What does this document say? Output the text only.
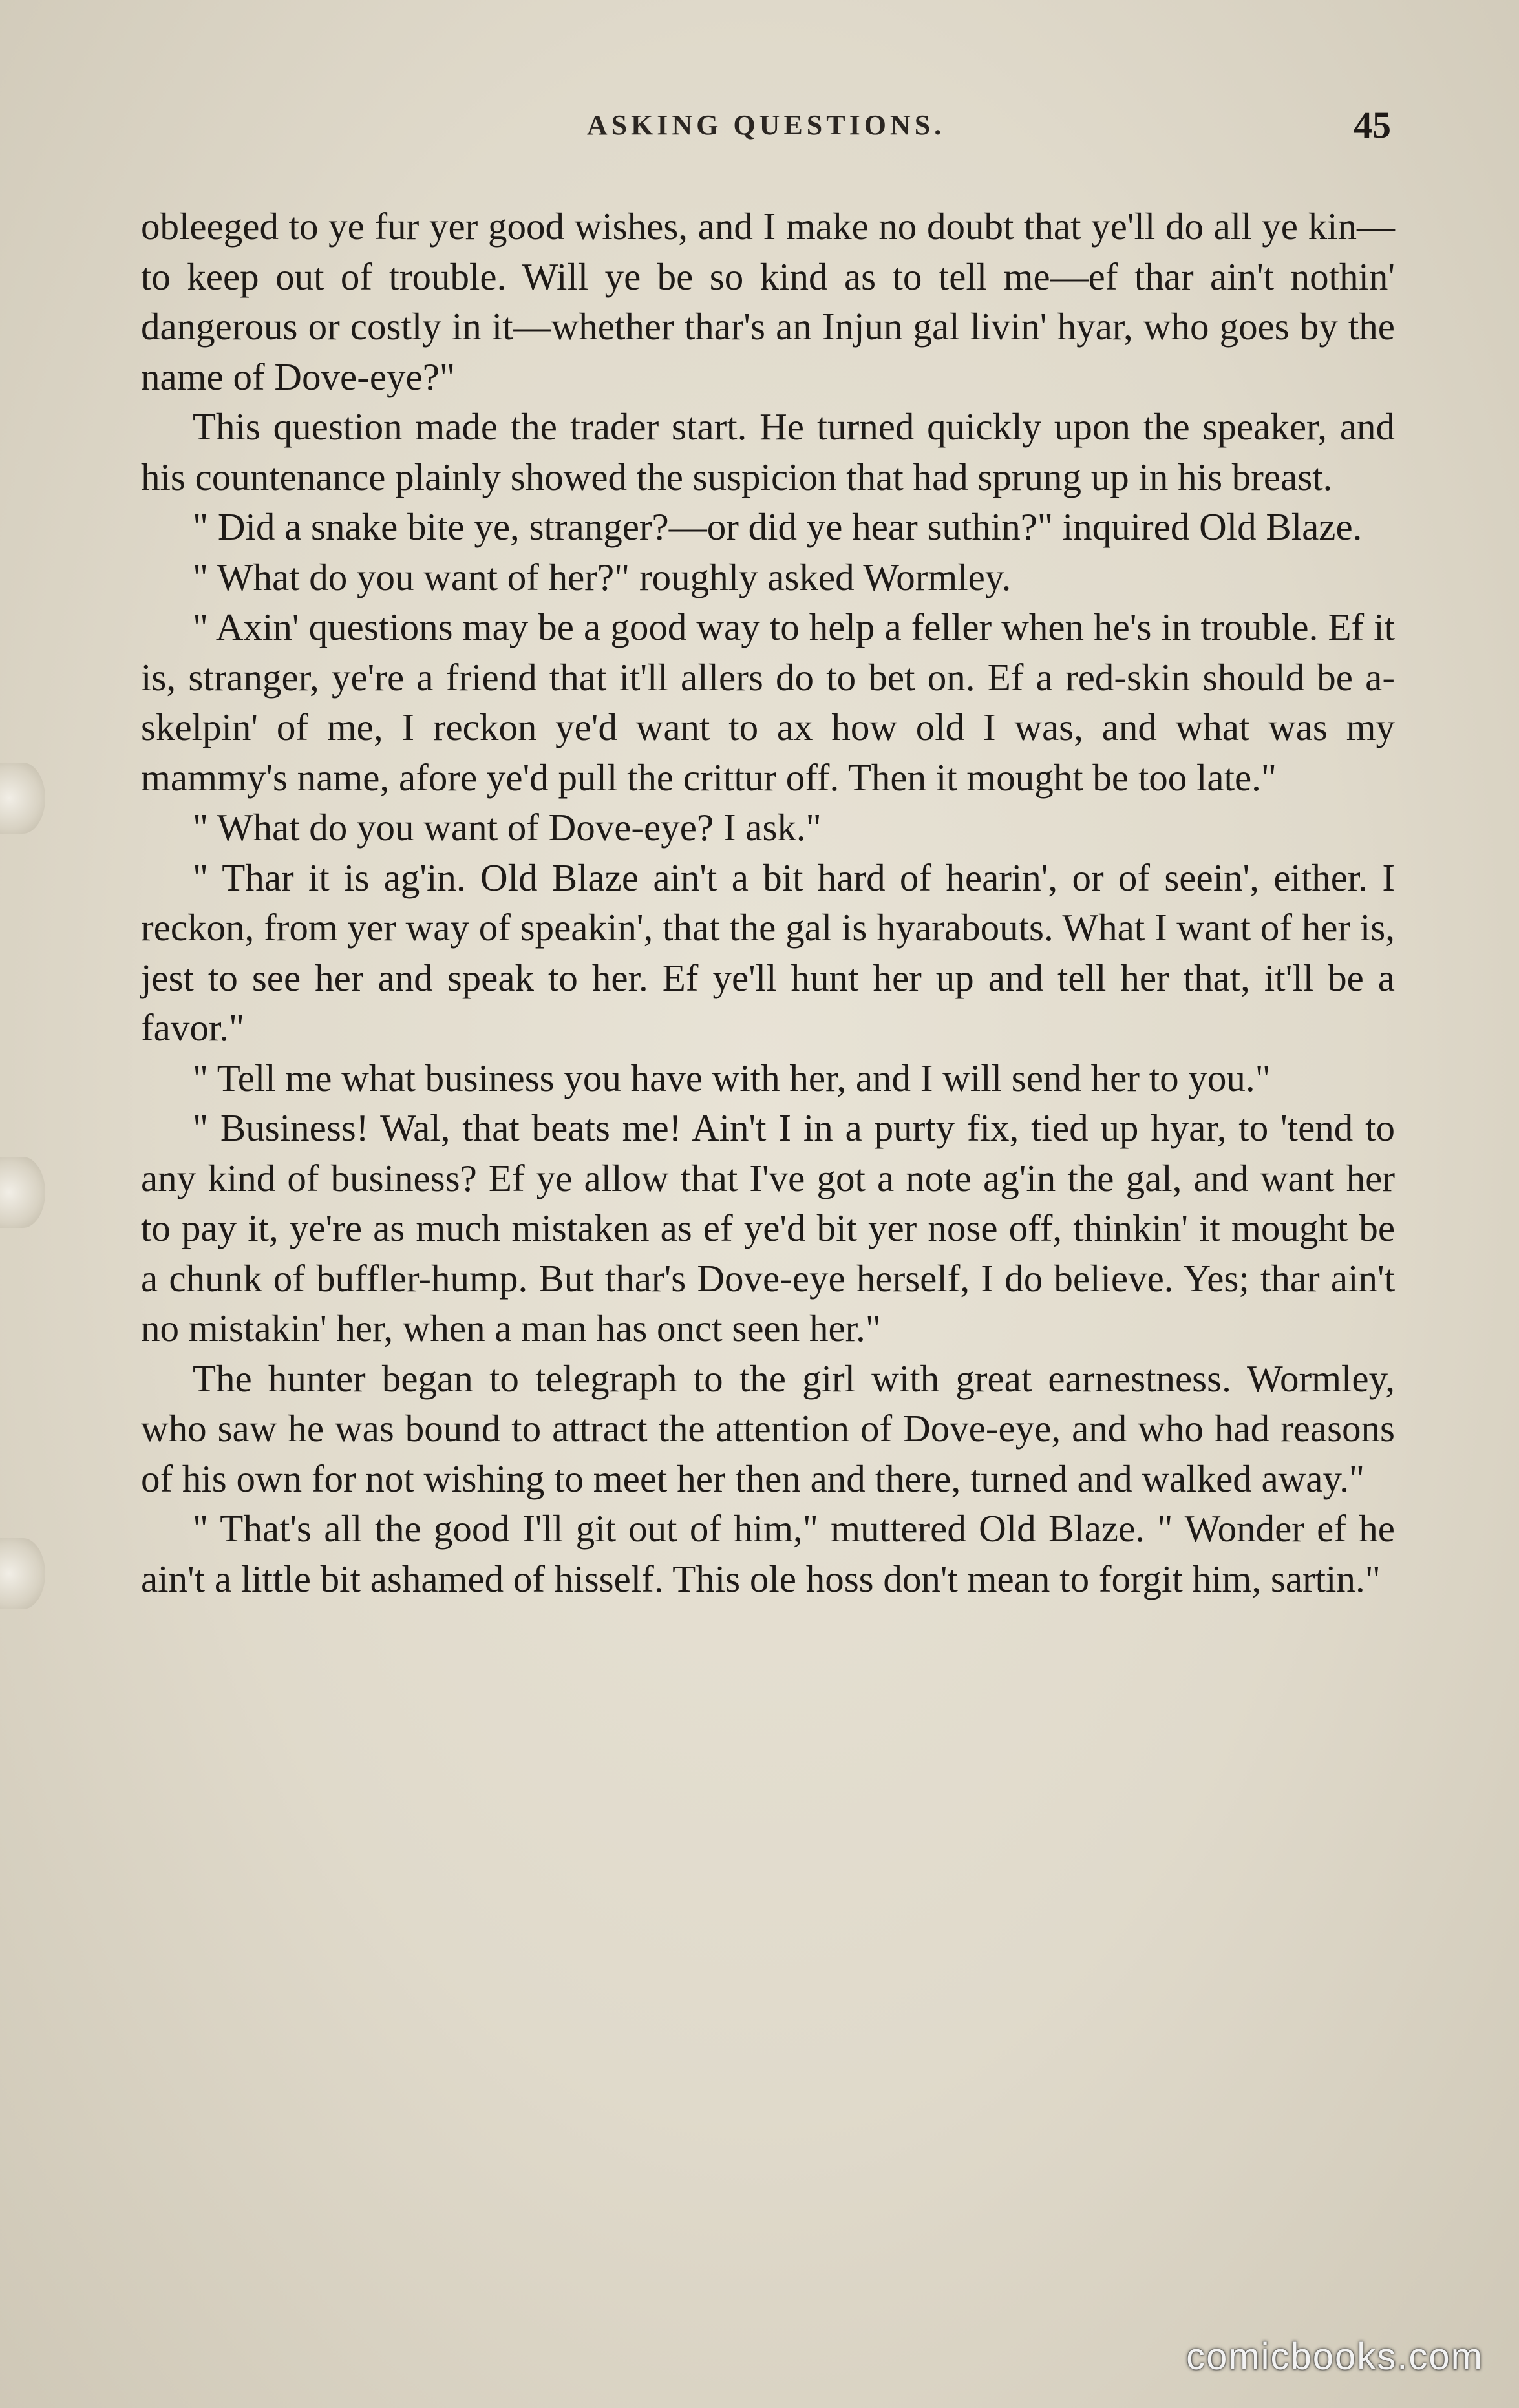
ASKING QUESTIONS.	45

obleeged to ye fur yer good wishes, and I make no doubt that ye'll do all ye kin—to keep out of trouble. Will ye be so kind as to tell me—ef thar ain't nothin' dangerous or costly in it—whether thar's an Injun gal livin' hyar, who goes by the name of Dove-eye?"

This question made the trader start. He turned quickly upon the speaker, and his countenance plainly showed the suspicion that had sprung up in his breast.

" Did a snake bite ye, stranger?—or did ye hear suthin?" inquired Old Blaze.

" What do you want of her?" roughly asked Wormley.

" Axin' questions may be a good way to help a feller when he's in trouble. Ef it is, stranger, ye're a friend that it'll allers do to bet on. Ef a red-skin should be a-skelpin' of me, I reckon ye'd want to ax how old I was, and what was my mammy's name, afore ye'd pull the crittur off. Then it mought be too late."

" What do you want of Dove-eye? I ask."

" Thar it is ag'in. Old Blaze ain't a bit hard of hearin', or of seein', either. I reckon, from yer way of speakin', that the gal is hyarabouts. What I want of her is, jest to see her and speak to her. Ef ye'll hunt her up and tell her that, it'll be a favor."

" Tell me what business you have with her, and I will send her to you."

" Business! Wal, that beats me! Ain't I in a purty fix, tied up hyar, to 'tend to any kind of business? Ef ye allow that I've got a note ag'in the gal, and want her to pay it, ye're as much mistaken as ef ye'd bit yer nose off, thinkin' it mought be a chunk of buffler-hump. But thar's Dove-eye herself, I do believe. Yes; thar ain't no mistakin' her, when a man has onct seen her."

The hunter began to telegraph to the girl with great earnestness. Wormley, who saw he was bound to attract the attention of Dove-eye, and who had reasons of his own for not wishing to meet her then and there, turned and walked away."

" That's all the good I'll git out of him," muttered Old Blaze. " Wonder ef he ain't a little bit ashamed of hisself. This ole hoss don't mean to forgit him, sartin."

comicbooks.com
